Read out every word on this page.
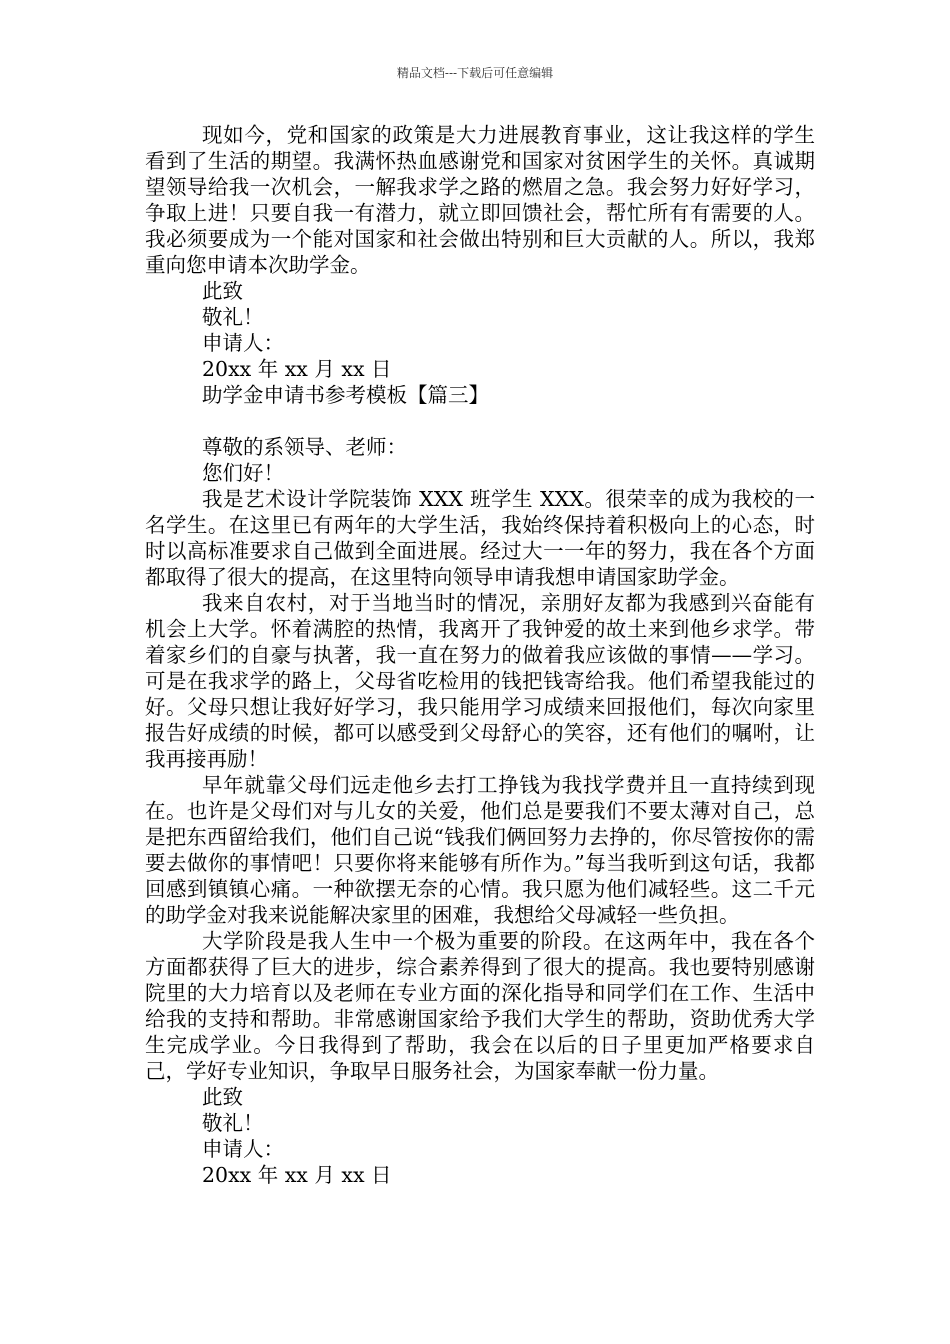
精品文档---下载后可任意编辑

现如今，党和国家的政策是大力进展教育事业，这让我这样的学生看到了生活的期望。我满怀热血感谢党和国家对贫困学生的关怀。真诚期望领导给我一次机会，一解我求学之路的燃眉之急。我会努力好好学习，争取上进！只要自我一有潜力，就立即回馈社会，帮忙所有有需要的人。我必须要成为一个能对国家和社会做出特别和巨大贡献的人。所以，我郑重向您申请本次助学金。

此致

敬礼！

申请人：

20xx 年 xx 月 xx 日

助学金申请书参考模板【篇三】

尊敬的系领导、老师：

您们好！

我是艺术设计学院装饰 XXX 班学生 XXX。很荣幸的成为我校的一名学生。在这里已有两年的大学生活，我始终保持着积极向上的心态，时时以高标准要求自己做到全面进展。经过大一一年的努力，我在各个方面都取得了很大的提高，在这里特向领导申请我想申请国家助学金。

我来自农村，对于当地当时的情况，亲朋好友都为我感到兴奋能有机会上大学。怀着满腔的热情，我离开了我钟爱的故土来到他乡求学。带着家乡们的自豪与执著，我一直在努力的做着我应该做的事情——学习。可是在我求学的路上，父母省吃检用的钱把钱寄给我。他们希望我能过的好。父母只想让我好好学习，我只能用学习成绩来回报他们，每次向家里报告好成绩的时候，都可以感受到父母舒心的笑容，还有他们的嘱咐，让我再接再励！

早年就靠父母们远走他乡去打工挣钱为我找学费并且一直持续到现在。也许是父母们对与儿女的关爱，他们总是要我们不要太薄对自己，总是把东西留给我们，他们自己说“钱我们俩回努力去挣的，你尽管按你的需要去做你的事情吧！只要你将来能够有所作为。”每当我听到这句话，我都回感到镇镇心痛。一种欲摆无奈的心情。我只愿为他们减轻些。这二千元的助学金对我来说能解决家里的困难，我想给父母减轻一些负担。

大学阶段是我人生中一个极为重要的阶段。在这两年中，我在各个方面都获得了巨大的进步，综合素养得到了很大的提高。我也要特别感谢院里的大力培育以及老师在专业方面的深化指导和同学们在工作、生活中给我的支持和帮助。非常感谢国家给予我们大学生的帮助，资助优秀大学生完成学业。今日我得到了帮助，我会在以后的日子里更加严格要求自己，学好专业知识，争取早日服务社会，为国家奉献一份力量。

此致

敬礼！

申请人：

20xx 年 xx 月 xx 日
